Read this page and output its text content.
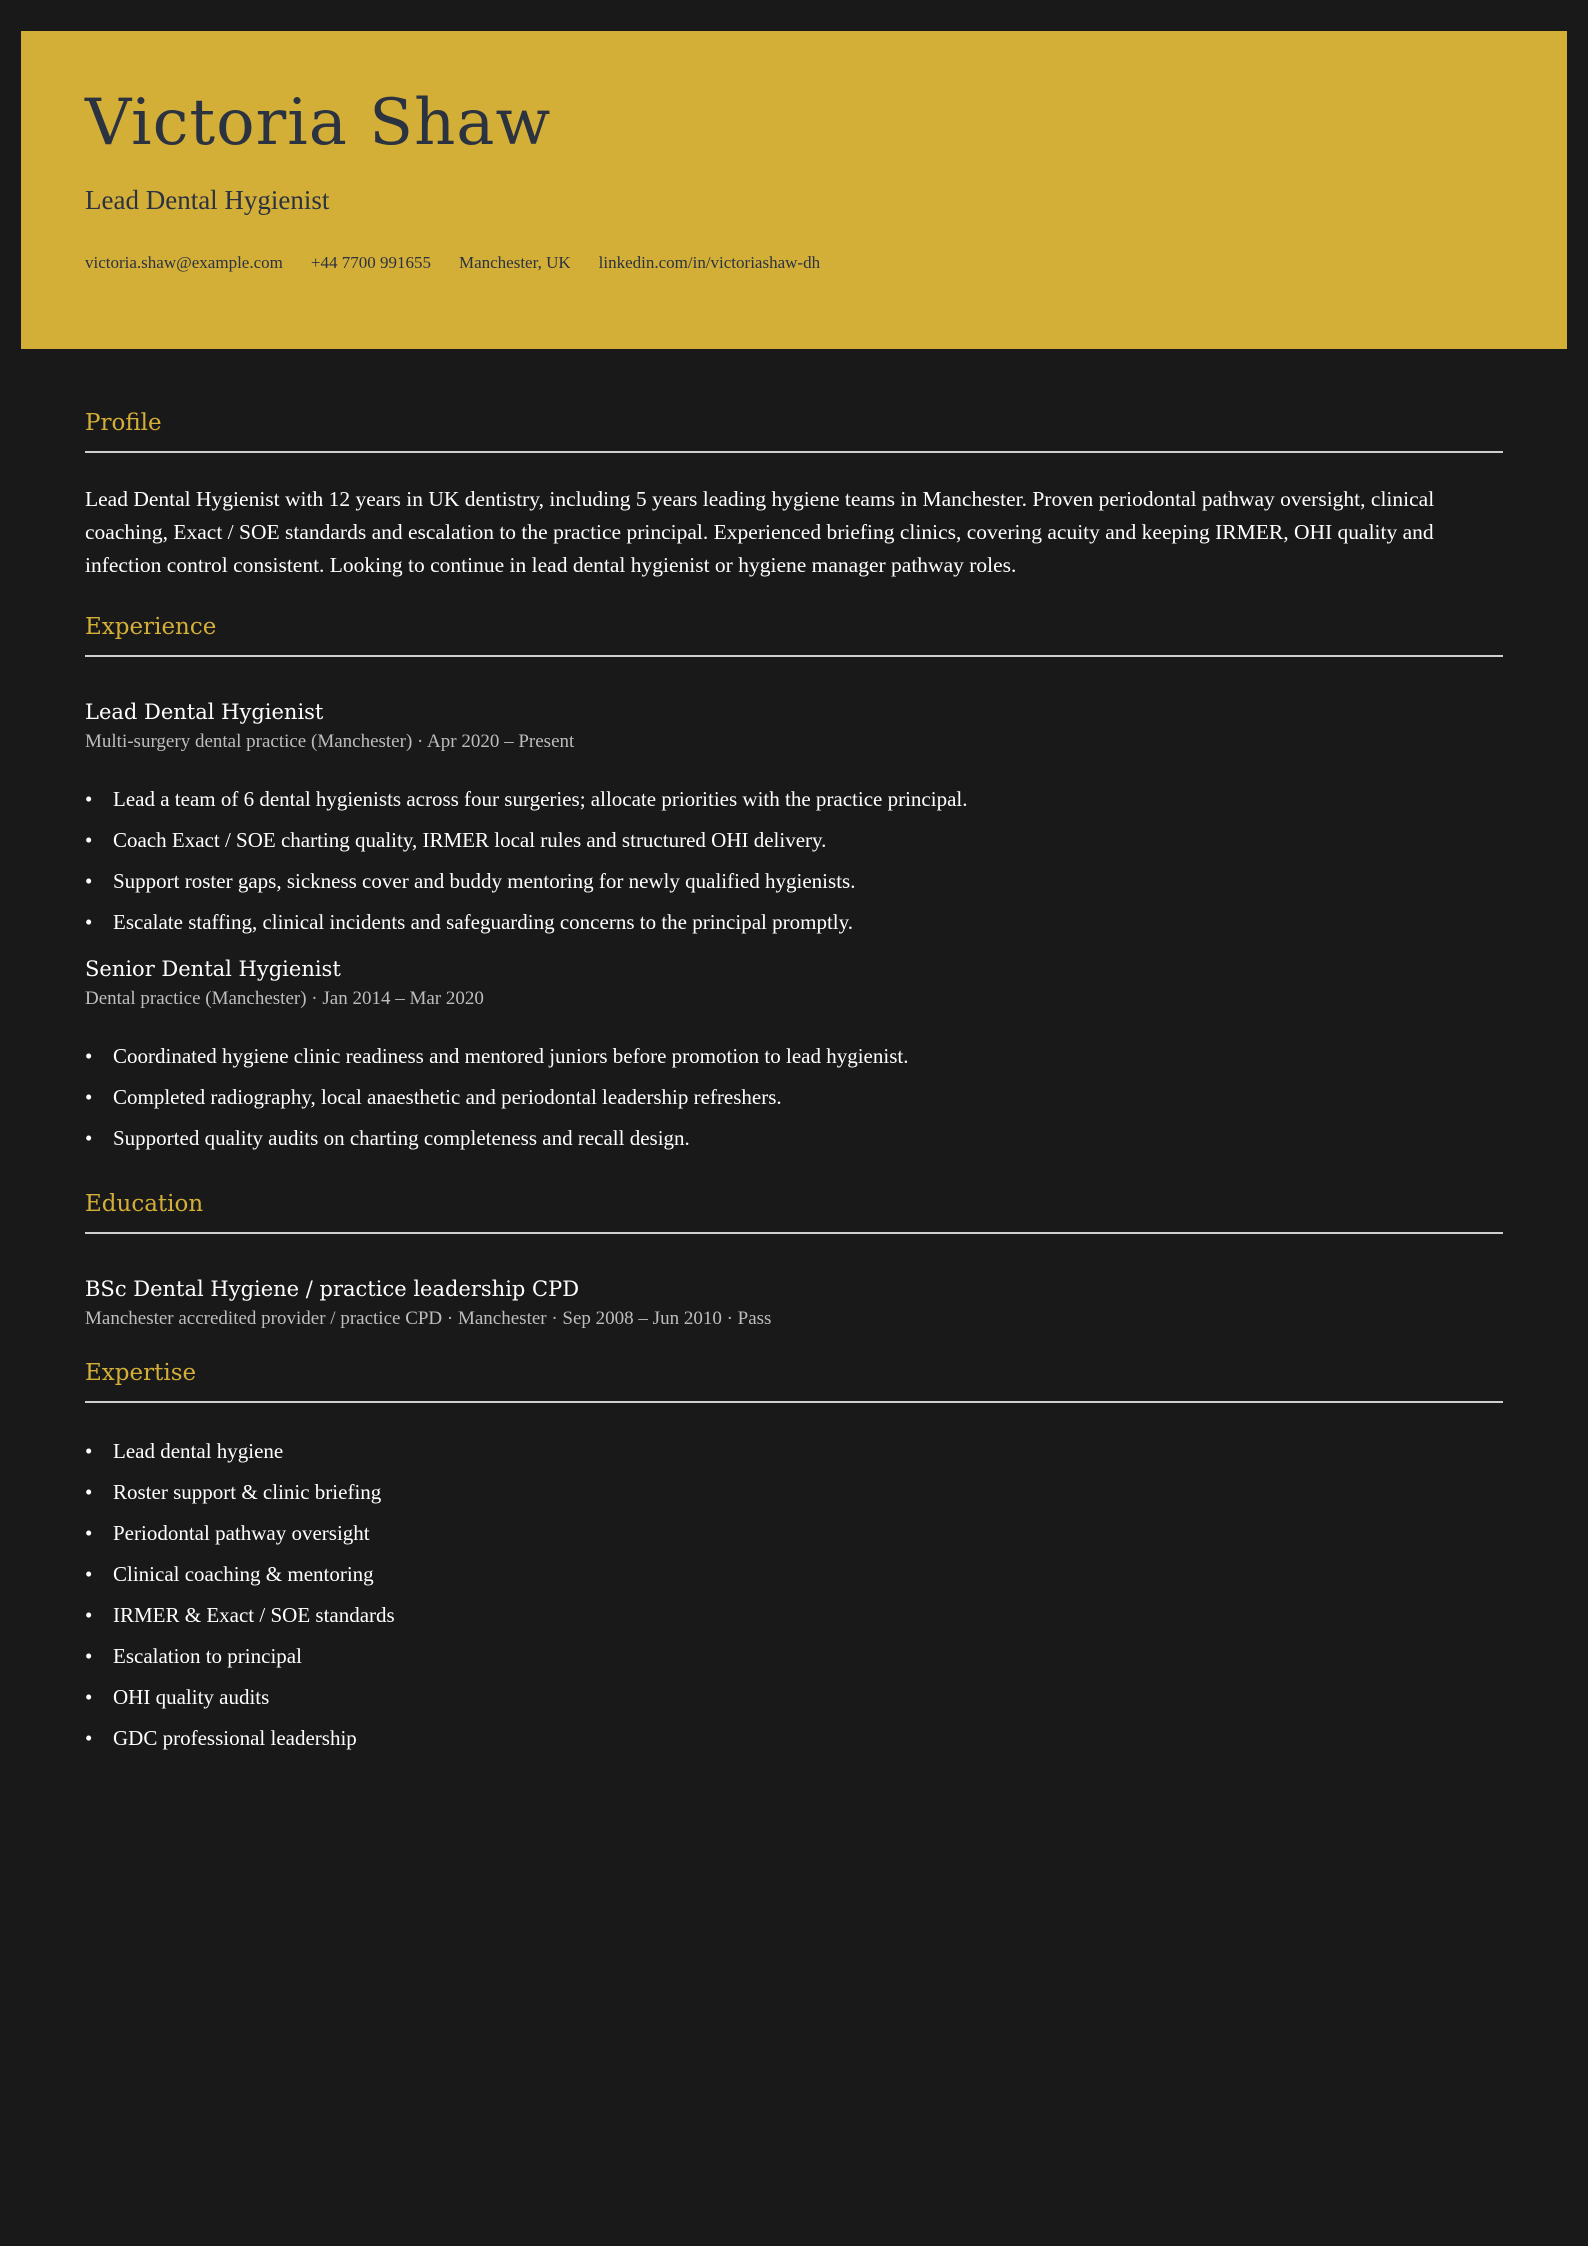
Victoria Shaw
Lead Dental Hygienist
victoria.shaw@example.com +44 7700 991655 Manchester, UK linkedin.com/in/victoriashaw-dh
Profile

Lead Dental Hygienist with 12 years in UK dentistry, including 5 years leading hygiene teams in Manchester. Proven periodontal pathway oversight, clinical coaching, Exact / SOE standards and escalation to the practice principal. Experienced briefing clinics, covering acuity and keeping IRMER, OHI quality and infection control consistent. Looking to continue in lead dental hygienist or hygiene manager pathway roles.

Experience
Lead Dental Hygienist
Multi-surgery dental practice (Manchester) · Apr 2020 – Present
• Lead a team of 6 dental hygienists across four surgeries; allocate priorities with the practice principal.
• Coach Exact / SOE charting quality, IRMER local rules and structured OHI delivery.
• Support roster gaps, sickness cover and buddy mentoring for newly qualified hygienists.
• Escalate staffing, clinical incidents and safeguarding concerns to the principal promptly.
Senior Dental Hygienist
Dental practice (Manchester) · Jan 2014 – Mar 2020
• Coordinated hygiene clinic readiness and mentored juniors before promotion to lead hygienist.
• Completed radiography, local anaesthetic and periodontal leadership refreshers.
• Supported quality audits on charting completeness and recall design.
Education
BSc Dental Hygiene / practice leadership CPD
Manchester accredited provider / practice CPD · Manchester · Sep 2008 – Jun 2010 · Pass
Expertise
• Lead dental hygiene
• Roster support & clinic briefing
• Periodontal pathway oversight
• Clinical coaching & mentoring
• IRMER & Exact / SOE standards
• Escalation to principal
• OHI quality audits
• GDC professional leadership
